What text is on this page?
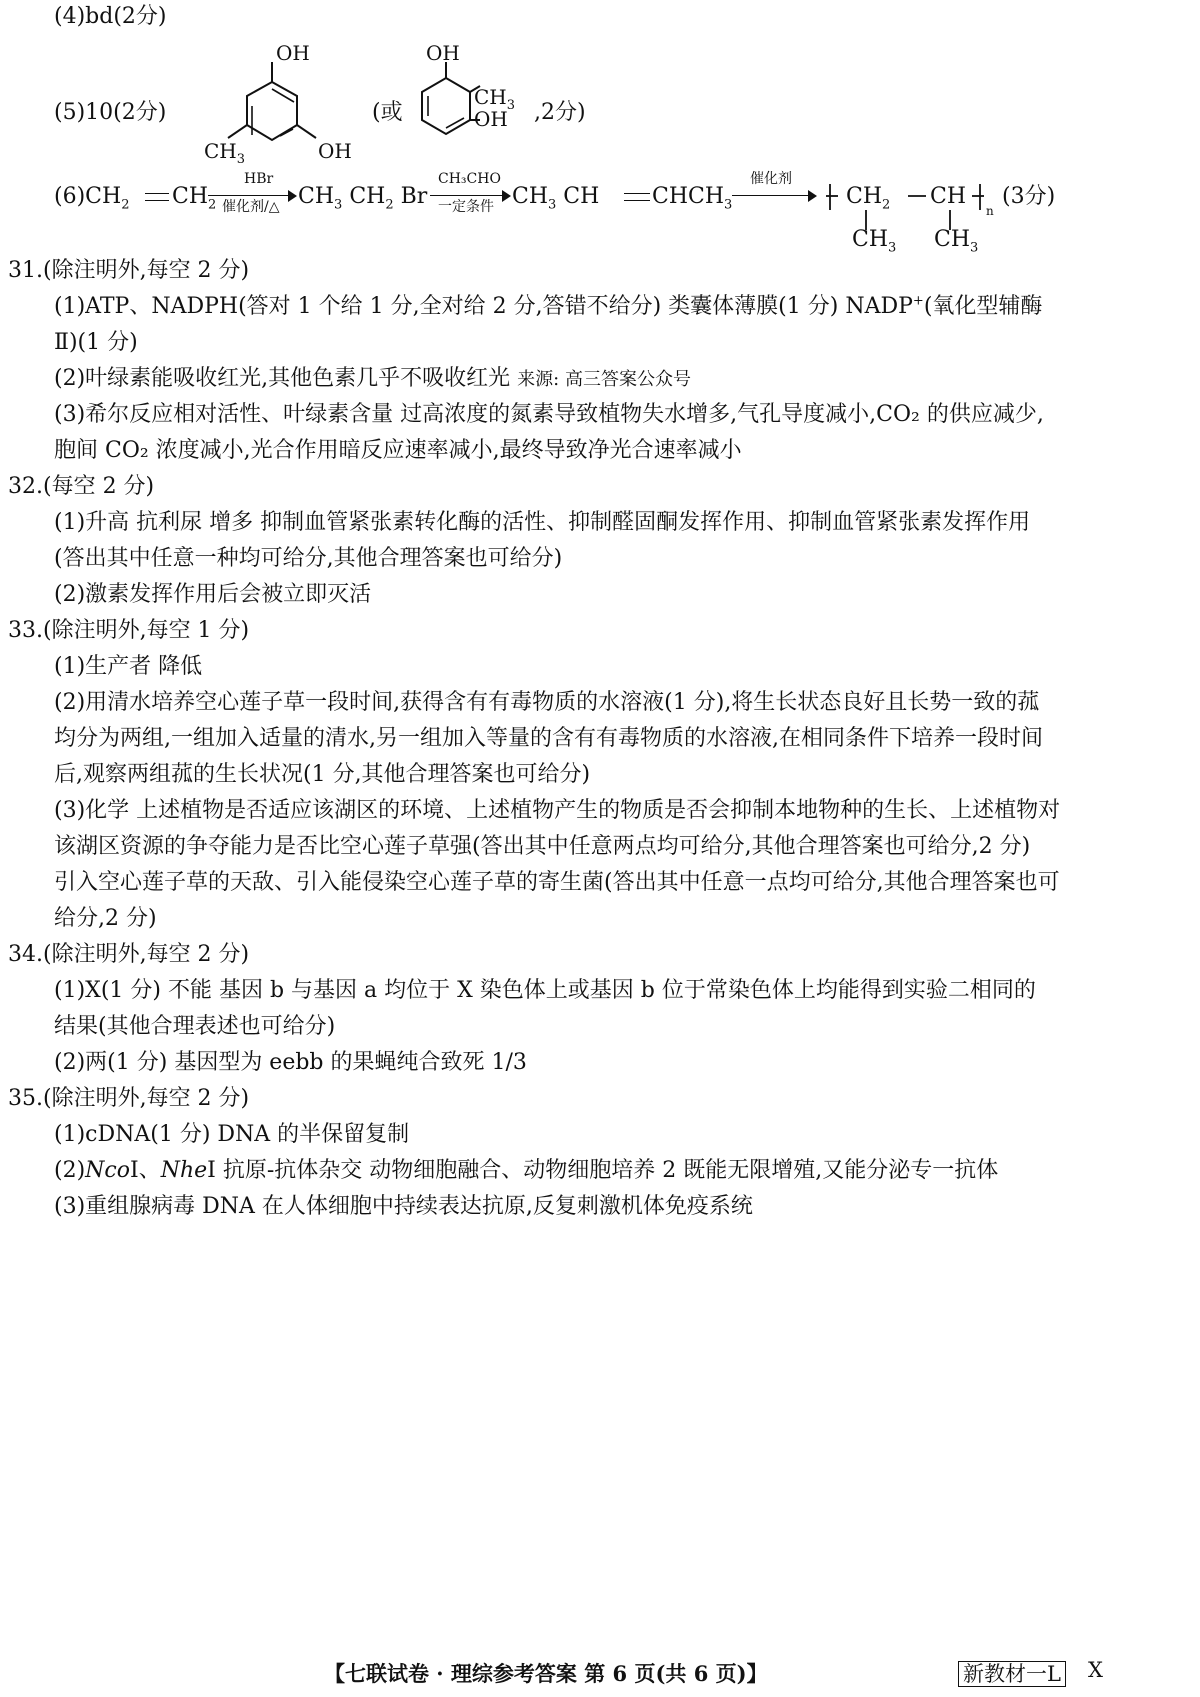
(4)bd(2分)
(5)10(2分)
OH
$CH_3$	OH
(或
OH
$CH_3$
OH ,2分)
$(6)CH_2$ $CH_2$
HBr
催化剂/△ $CH_3$ $CH_2$ Br
CH₃CHO
一定条件 $CH_3$ CH $CHCH_3$
催化剂
$CH_2$ CH
n
$CH_3$ $CH_3$
(3分)
31.(除注明外,每空 2 分)
(1)ATP、NADPH(答对 1 个给 1 分,全对给 2 分,答错不给分) 类囊体薄膜(1 分) NADP+(氧化型辅酶
Ⅱ)(1 分)
(2)叶绿素能吸收红光,其他色素几乎不吸收红光 来源: 高三答案公众号
(3)希尔反应相对活性、叶绿素含量 过高浓度的氮素导致植物失水增多,气孔导度减小,CO₂ 的供应减少,
胞间 CO₂ 浓度减小,光合作用暗反应速率减小,最终导致净光合速率减小
32.(每空 2 分)
(1)升高 抗利尿 增多 抑制血管紧张素转化酶的活性、抑制醛固酮发挥作用、抑制血管紧张素发挥作用
(答出其中任意一种均可给分,其他合理答案也可给分)
(2)激素发挥作用后会被立即灭活
33.(除注明外,每空 1 分)
(1)生产者 降低
(2)用清水培养空心莲子草一段时间,获得含有有毒物质的水溶液(1 分),将生长状态良好且长势一致的菰
均分为两组,一组加入适量的清水,另一组加入等量的含有有毒物质的水溶液,在相同条件下培养一段时间
后,观察两组菰的生长状况(1 分,其他合理答案也可给分)
(3)化学 上述植物是否适应该湖区的环境、上述植物产生的物质是否会抑制本地物种的生长、上述植物对
该湖区资源的争夺能力是否比空心莲子草强(答出其中任意两点均可给分,其他合理答案也可给分,2 分)
引入空心莲子草的天敌、引入能侵染空心莲子草的寄生菌(答出其中任意一点均可给分,其他合理答案也可
给分,2 分)
34.(除注明外,每空 2 分)
(1)X(1 分) 不能 基因 b 与基因 a 均位于 X 染色体上或基因 b 位于常染色体上均能得到实验二相同的
结果(其他合理表述也可给分)
(2)两(1 分) 基因型为 eebb 的果蝇纯合致死 1/3
35.(除注明外,每空 2 分)
(1)cDNA(1 分) DNA 的半保留复制
(2)NcoⅠ、NheⅠ 抗原-抗体杂交 动物细胞融合、动物细胞培养 2 既能无限增殖,又能分泌专一抗体
(3)重组腺病毒 DNA 在人体细胞中持续表达抗原,反复刺激机体免疫系统
【七联试卷 · 理综参考答案 第 6 页(共 6 页)】	新教材一L X
